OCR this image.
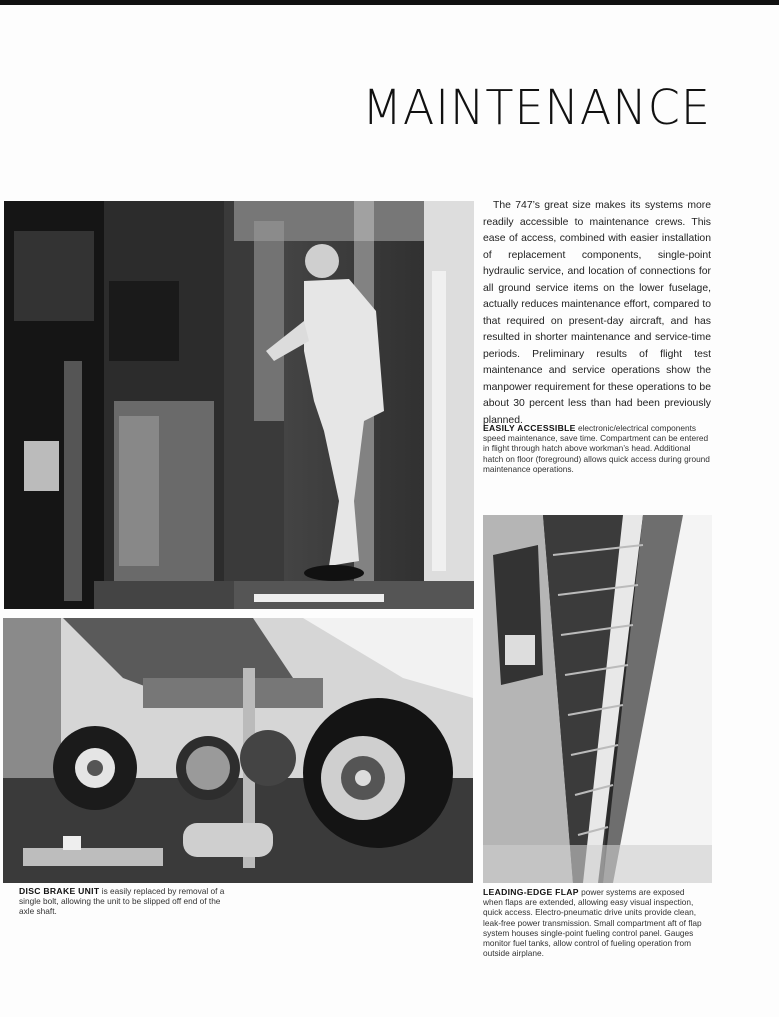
MAINTENANCE

The 747’s great size makes its systems more readily accessible to maintenance crews. This ease of access, combined with easier installation of replacement components, single-point hydraulic service, and location of connections for all ground service items on the lower fuselage, actually reduces maintenance effort, compared to that required on present-day aircraft, and has resulted in shorter maintenance and service-time periods. Preliminary results of flight test maintenance and service operations show the manpower requirement for these operations to be about 30 percent less than had been previously planned.

EASILY ACCESSIBLE electronic/electrical components speed maintenance, save time. Compartment can be entered in flight through hatch above workman’s head. Additional hatch on floor (foreground) allows quick access during ground maintenance operations.

DISC BRAKE UNIT is easily replaced by removal of a single bolt, allowing the unit to be slipped off end of the axle shaft.

LEADING-EDGE FLAP power systems are exposed when flaps are extended, allowing easy visual inspection, quick access. Electro-pneumatic drive units provide clean, leak-free power transmission. Small compartment aft of flap system houses single-point fueling control panel. Gauges monitor fuel tanks, allow control of fueling operation from outside airplane.
